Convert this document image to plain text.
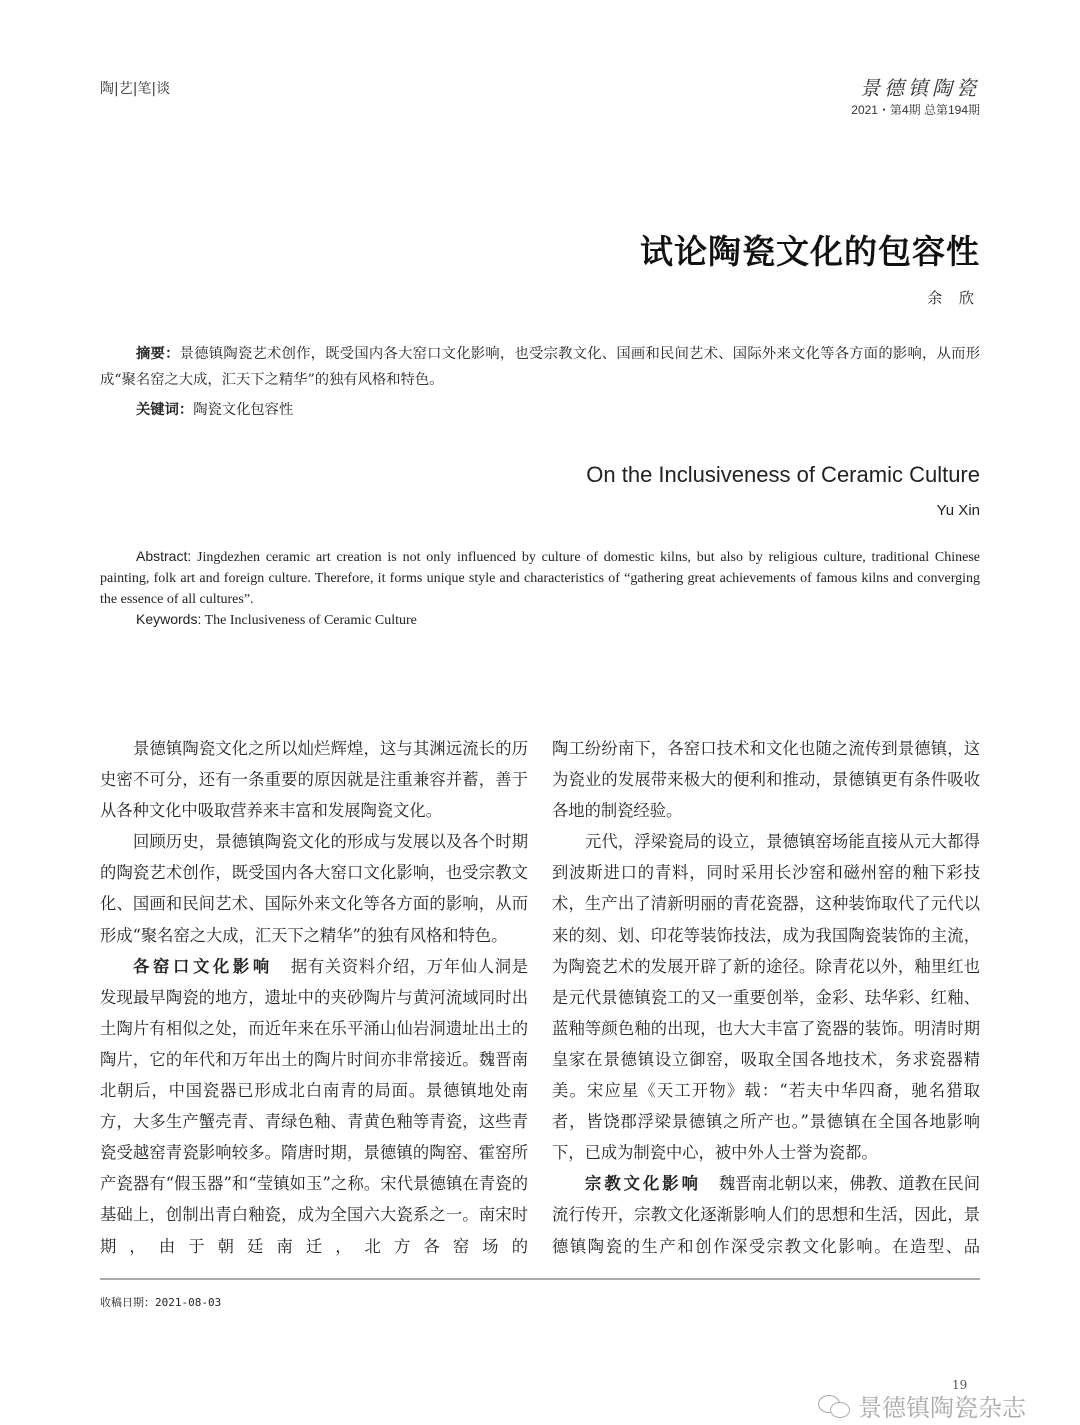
陶|艺|笔|谈	景德镇陶瓷
2021・第4期 总第194期
试论陶瓷文化的包容性
余 欣
摘要：景德镇陶瓷艺术创作，既受国内各大窑口文化影响，也受宗教文化、国画和民间艺术、国际外来文化等各方面的影响，从而形成“聚名窑之大成，汇天下之精华”的独有风格和特色。
关键词：陶瓷文化包容性
On the Inclusiveness of Ceramic Culture
Yu Xin
Abstract: Jingdezhen ceramic art creation is not only influenced by culture of domestic kilns, but also by religious culture, traditional Chinese painting, folk art and foreign culture. Therefore, it forms unique style and characteristics of “gathering great achievements of famous kilns and converging the essence of all cultures”.
Keywords: The Inclusiveness of Ceramic Culture

景德镇陶瓷文化之所以灿烂辉煌，这与其渊远流长的历史密不可分，还有一条重要的原因就是注重兼容并蓄，善于从各种文化中吸取营养来丰富和发展陶瓷文化。

回顾历史，景德镇陶瓷文化的形成与发展以及各个时期的陶瓷艺术创作，既受国内各大窑口文化影响，也受宗教文化、国画和民间艺术、国际外来文化等各方面的影响，从而形成“聚名窑之大成，汇天下之精华”的独有风格和特色。

各窑口文化影响 据有关资料介绍，万年仙人洞是发现最早陶瓷的地方，遗址中的夹砂陶片与黄河流域同时出土陶片有相似之处，而近年来在乐平涌山仙岩洞遗址出土的陶片，它的年代和万年出土的陶片时间亦非常接近。魏晋南北朝后，中国瓷器已形成北白南青的局面。景德镇地处南方，大多生产蟹壳青、青绿色釉、青黄色釉等青瓷，这些青瓷受越窑青瓷影响较多。隋唐时期，景德镇的陶窑、霍窑所产瓷器有“假玉器”和“莹镇如玉”之称。宋代景德镇在青瓷的基础上，创制出青白釉瓷，成为全国六大瓷系之一。南宋时期，由于朝廷南迁，北方各窑场的

陶工纷纷南下，各窑口技术和文化也随之流传到景德镇，这为瓷业的发展带来极大的便利和推动，景德镇更有条件吸收各地的制瓷经验。

元代，浮梁瓷局的设立，景德镇窑场能直接从元大都得到波斯进口的青料，同时采用长沙窑和磁州窑的釉下彩技术，生产出了清新明丽的青花瓷器，这种装饰取代了元代以来的刻、划、印花等装饰技法，成为我国陶瓷装饰的主流，为陶瓷艺术的发展开辟了新的途径。除青花以外，釉里红也是元代景德镇瓷工的又一重要创举，金彩、珐华彩、红釉、蓝釉等颜色釉的出现，也大大丰富了瓷器的装饰。明清时期皇家在景德镇设立御窑，吸取全国各地技术，务求瓷器精美。宋应星《天工开物》载：“若夫中华四裔，驰名猎取者，皆饶郡浮梁景德镇之所产也。”景德镇在全国各地影响下，已成为制瓷中心，被中外人士誉为瓷都。

宗教文化影响 魏晋南北朝以来，佛教、道教在民间流行传开，宗教文化逐渐影响人们的思想和生活，因此，景德镇陶瓷的生产和创作深受宗教文化影响。在造型、品

收稿日期：2021-08-03
19
景德镇陶瓷杂志
